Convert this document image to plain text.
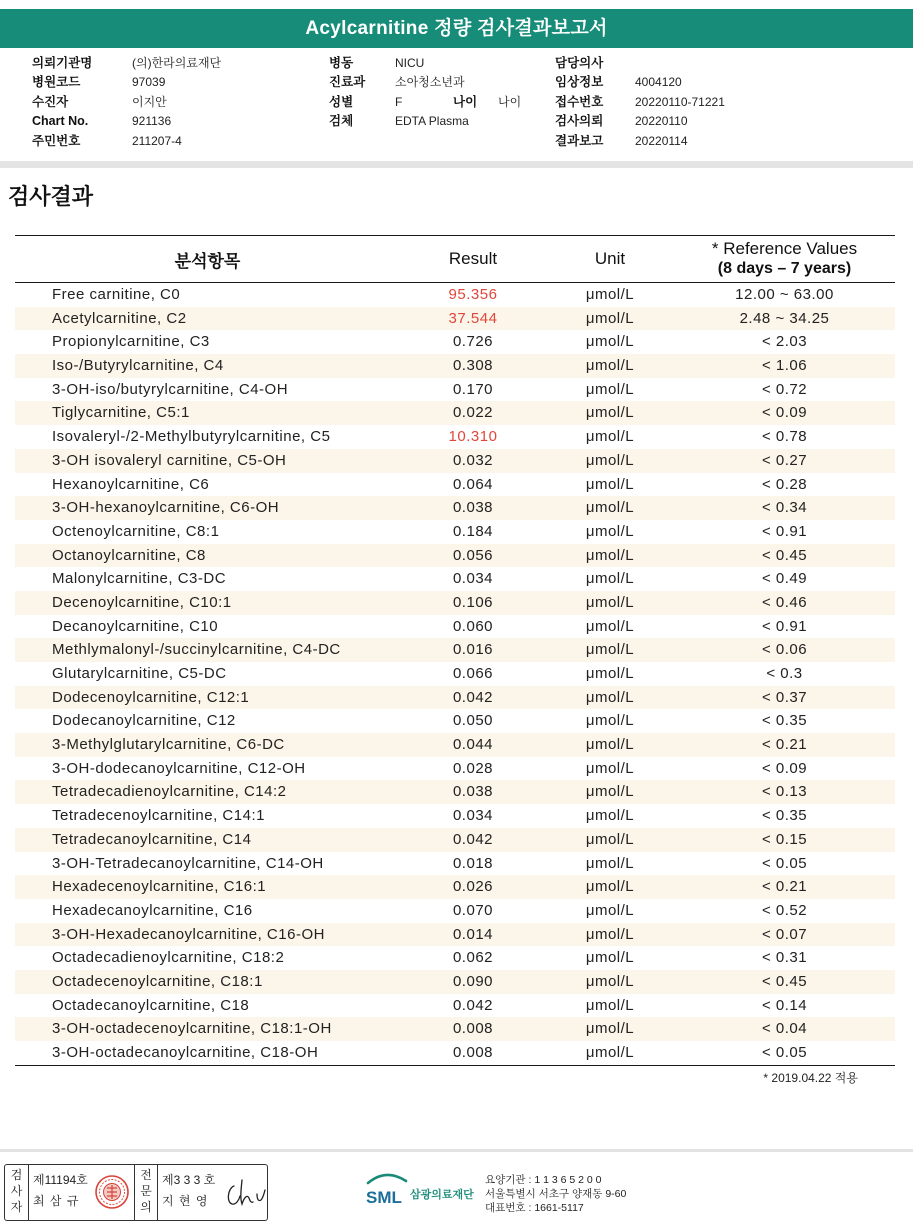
Acylcarnitine 정량 검사결과보고서
의뢰기관명	(의)한라의료재단
병원코드	97039
수진자	이지안
Chart No.	921136
주민번호	211207-4
병동	NICU
진료과 소아청소년과
성별	F	나이 나이
검체	EDTA Plasma
담당의사
임상정보	4004120
접수번호	20220110-71221
검사의뢰	20220110
결과보고	20220114
검사결과
분석항목	Result	Unit
* Reference Values
(8 days – 7 years)
Free carnitine, C0	95.356	μmol/L	12.00 ~ 63.00
Acetylcarnitine, C2	37.544	μmol/L	2.48 ~ 34.25
Propionylcarnitine, C3	0.726	μmol/L	< 2.03
Iso-/Butyrylcarnitine, C4	0.308	μmol/L	< 1.06
3-OH-iso/butyrylcarnitine, C4-OH	0.170	μmol/L	< 0.72
Tiglycarnitine, C5:1	0.022	μmol/L	< 0.09
Isovaleryl-/2-Methylbutyrylcarnitine, C5	10.310	μmol/L	< 0.78
3-OH isovaleryl carnitine, C5-OH	0.032	μmol/L	< 0.27
Hexanoylcarnitine, C6	0.064	μmol/L	< 0.28
3-OH-hexanoylcarnitine, C6-OH	0.038	μmol/L	< 0.34
Octenoylcarnitine, C8:1	0.184	μmol/L	< 0.91
Octanoylcarnitine, C8	0.056	μmol/L	< 0.45
Malonylcarnitine, C3-DC	0.034	μmol/L	< 0.49
Decenoylcarnitine, C10:1	0.106	μmol/L	< 0.46
Decanoylcarnitine, C10	0.060	μmol/L	< 0.91
Methlymalonyl-/succinylcarnitine, C4-DC	0.016	μmol/L	< 0.06
Glutarylcarnitine, C5-DC	0.066	μmol/L	< 0.3
Dodecenoylcarnitine, C12:1	0.042	μmol/L	< 0.37
Dodecanoylcarnitine, C12	0.050	μmol/L	< 0.35
3-Methylglutarylcarnitine, C6-DC	0.044	μmol/L	< 0.21
3-OH-dodecanoylcarnitine, C12-OH	0.028	μmol/L	< 0.09
Tetradecadienoylcarnitine, C14:2	0.038	μmol/L	< 0.13
Tetradecenoylcarnitine, C14:1	0.034	μmol/L	< 0.35
Tetradecanoylcarnitine, C14	0.042	μmol/L	< 0.15
3-OH-Tetradecanoylcarnitine, C14-OH	0.018	μmol/L	< 0.05
Hexadecenoylcarnitine, C16:1	0.026	μmol/L	< 0.21
Hexadecanoylcarnitine, C16	0.070	μmol/L	< 0.52
3-OH-Hexadecanoylcarnitine, C16-OH	0.014	μmol/L	< 0.07
Octadecadienoylcarnitine, C18:2	0.062	μmol/L	< 0.31
Octadecenoylcarnitine, C18:1	0.090	μmol/L	< 0.45
Octadecanoylcarnitine, C18	0.042	μmol/L	< 0.14
3-OH-octadecenoylcarnitine, C18:1-OH	0.008	μmol/L	< 0.04
3-OH-octadecanoylcarnitine, C18-OH	0.008	μmol/L	< 0.05
* 2019.04.22 적용
검사자
제11194호
최 삼 규
전문의
제3 3 3 호
지 현 영	SML 삼광의료재단
요양기관 : 1 1 3 6 5 2 0 0
서울특별시 서초구 양재동 9-60
대표번호 : 1661-5117
